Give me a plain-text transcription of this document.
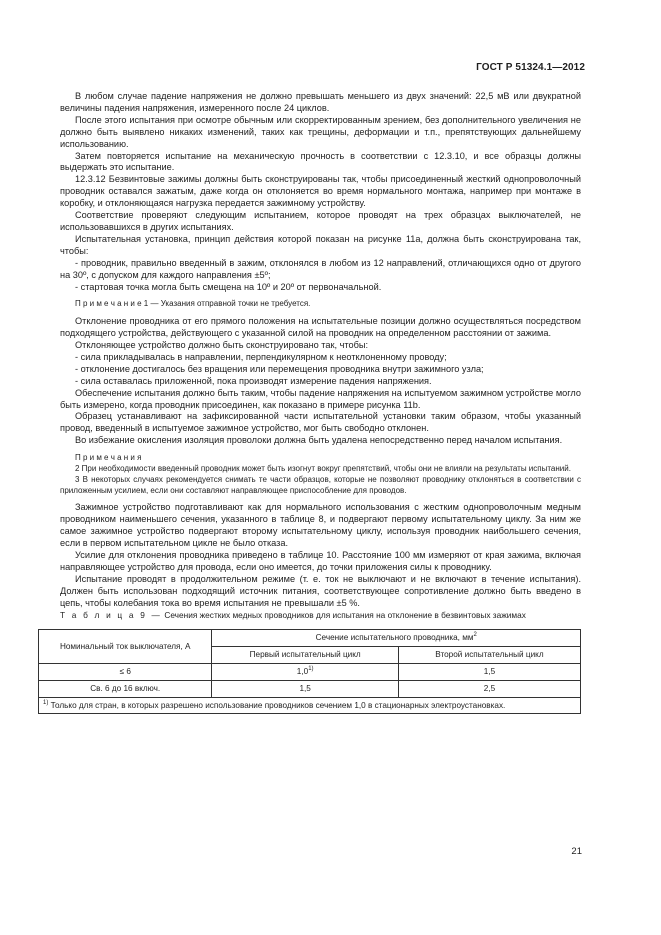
ГОСТ Р 51324.1—2012

В любом случае падение напряжения не должно превышать меньшего из двух значений: 22,5 мВ или двукратной величины падения напряжения, измеренного после 24 циклов.

После этого испытания при осмотре обычным или скорректированным зрением, без дополнительного увеличения не должно быть выявлено никаких изменений, таких как трещины, деформации и т.п., препятствующих дальнейшему использованию.

Затем повторяется испытание на механическую прочность в соответствии с 12.3.10, и все образцы должны выдержать это испытание.

12.3.12 Безвинтовые зажимы должны быть сконструированы так, чтобы присоединенный жесткий однопроволочный проводник оставался зажатым, даже когда он отклоняется во время нормального монтажа, например при монтаже в коробку, и отклоняющаяся нагрузка передается зажимному устройству.

Соответствие проверяют следующим испытанием, которое проводят на трех образцах выключателей, не использовавшихся в других испытаниях.

Испытательная установка, принцип действия которой показан на рисунке 11а, должна быть сконструирована так, чтобы:

- проводник, правильно введенный в зажим, отклонялся в любом из 12 направлений, отличающихся одно от другого на 30º, с допуском для каждого направления ±5º;

- стартовая точка могла быть смещена на 10º и 20º от первоначальной.

П р и м е ч а н и е 1 — Указания отправной точки не требуется.

Отклонение проводника от его прямого положения на испытательные позиции должно осуществляться посредством подходящего устройства, действующего с указанной силой на проводник на определенном расстоянии от зажима.

Отклоняющее устройство должно быть сконструировано так, чтобы:

- сила прикладывалась в направлении, перпендикулярном к неотклоненному проводу;

- отклонение достигалось без вращения или перемещения проводника внутри зажимного узла;

- сила оставалась приложенной, пока производят измерение падения напряжения.

Обеспечение испытания должно быть таким, чтобы падение напряжения на испытуемом зажимном устройстве могло быть измерено, когда проводник присоединен, как показано в примере рисунка 11b.

Образец устанавливают на зафиксированной части испытательной установки таким образом, чтобы указанный провод, введенный в испытуемое зажимное устройство, мог быть свободно отклонен.

Во избежание окисления изоляция проволоки должна быть удалена непосредственно перед началом испытания.

П р и м е ч а н и я

2 При необходимости введенный проводник может быть изогнут вокруг препятствий, чтобы они не влияли на результаты испытаний.

3 В некоторых случаях рекомендуется снимать те части образцов, которые не позволяют проводнику отклоняться в соответствии с приложенным усилием, если они составляют направляющее приспособление для проводов.

Зажимное устройство подготавливают как для нормального использования с жестким однопроволочным медным проводником наименьшего сечения, указанного в таблице 8, и подвергают первому испытательному циклу. За ним же самое зажимное устройство подвергают второму испытательному циклу, используя проводник наибольшего сечения, если в первом испытательном цикле не было отказа.

Усилие для отклонения проводника приведено в таблице 10. Расстояние 100 мм измеряют от края зажима, включая направляющее устройство для провода, если оно имеется, до точки приложения силы к проводнику.

Испытание проводят в продолжительном режиме (т. е. ток не выключают и не включают в течение испытания). Должен быть использован подходящий источник питания, соответствующее сопротивление должно быть введено в цепь, чтобы колебания тока во время испытания не превышали ±5 %.

Т а б л и ц а 9 — Сечения жестких медных проводников для испытания на отклонение в безвинтовых зажимах

Номинальный ток выключателя, А	Сечение испытательного проводника, $мм^2$
	Первый испытательный цикл	Второй испытательный цикл
≤ 6	1,0$^{1)}$	1,5
Св. 6 до 16 включ.	1,5	2,5
$^{1)}$ Только для стран, в которых разрешено использование проводников сечением 1,0 в стационарных электроустановках.		
21
